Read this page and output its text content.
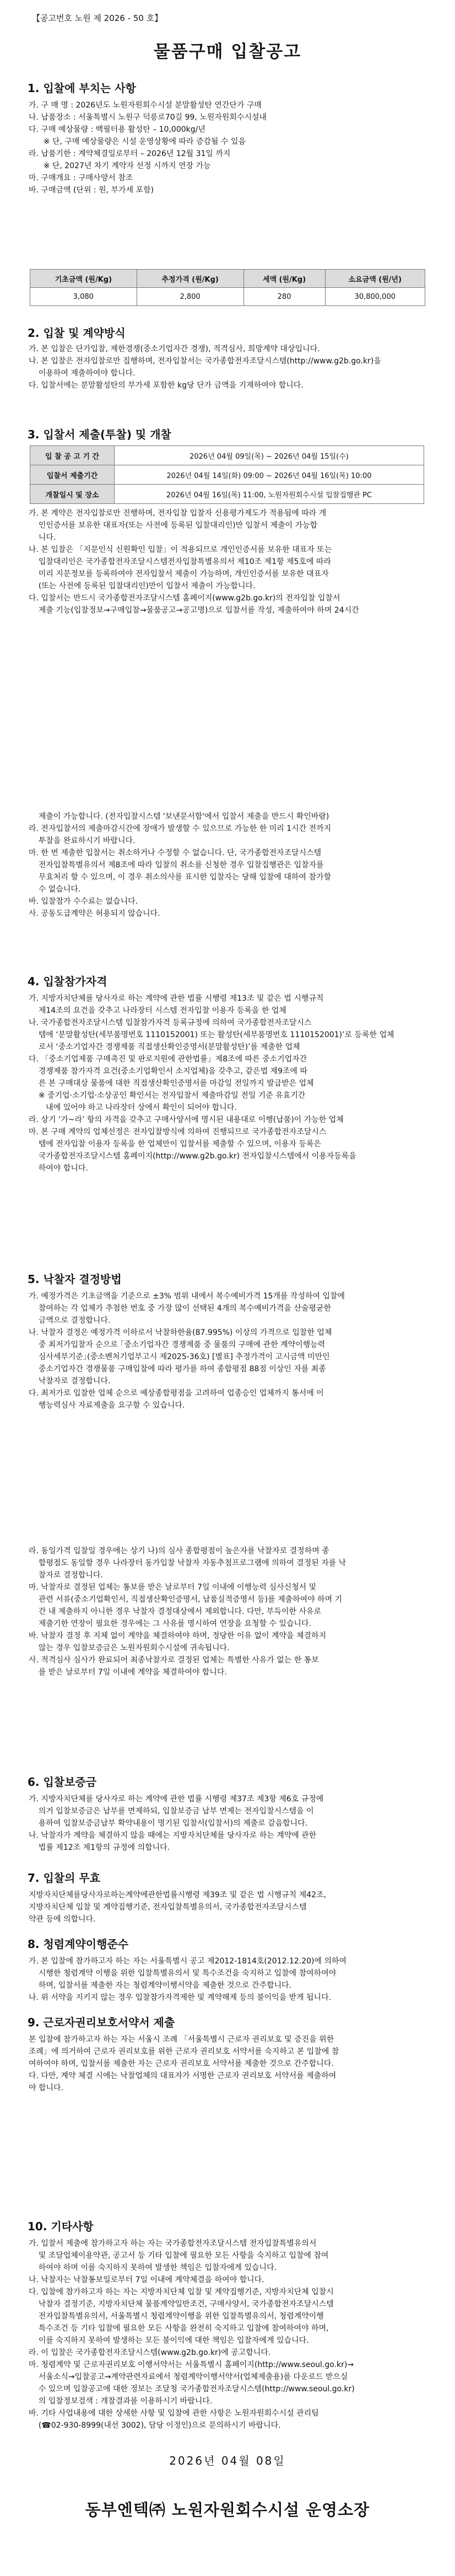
【공고번호 노원 제 2026 - 50 호】
물품구매 입찰공고
1. 입찰에 부치는 사항
가. 구 매 명 : 2026년도 노원자원회수시설 분말활성탄 연간단가 구매
나. 납품장소 : 서울특별시 노원구 덕릉로70길 99, 노원자원회수시설내
다. 구매 예상물량 : 백필터용 활성탄 – 10,000kg/년
※ 단, 구매 예상물량은 시설 운영상황에 따라 증감될 수 있음
라. 납품기한 : 계약체결일로부터 – 2026년 12월 31일 까지
※ 단, 2027년 차기 계약자 선정 시까지 연장 가능
마. 구매개요 : 구매사양서 참조
바. 구매금액 (단위 : 원, 부가세 포함)
기초금액 (원/Kg)	추정가격 (원/Kg)	세액 (원/Kg)	소요금액 (원/년)
3,080	2,800	280	30,800,000
2. 입찰 및 계약방식
가. 본 입찰은 단가입찰, 제한경쟁(중소기업자간 경쟁), 적격심사, 희망계약 대상입니다.
나. 본 입찰은 전자입찰로만 집행하며, 전자입찰서는 국가종합전자조달시스템(http://www.g2b.go.kr)을
이용하여 제출하여야 합니다.
다. 입찰서에는 분말활성탄의 부가세 포함한 kg당 단가 금액을 기재하여야 합니다.
3. 입찰서 제출(투찰) 및 개찰
입 찰 공 고 기 간	2026년 04월 09일(목) ~ 2026년 04월 15일(수)
입찰서 제출기간	2026년 04월 14일(화) 09:00 ~ 2026년 04월 16일(목) 10:00
개찰일시 및 장소	2026년 04월 16일(목) 11:00, 노원자원회수시설 입찰집행관 PC
가. 본 계약은 전자입찰로만 진행하며, 전자입찰 입찰자 신용평가제도가 적용됨에 따라 개
인인증서를 보유한 대표자(또는 사전에 등록된 입찰대리인)만 입찰서 제출이 가능합
니다.
나. 본 입찰은 「지문인식 신원확인 입찰」이 적용되므로 개인인증서를 보유한 대표자 또는
입찰대리인은 국가종합전자조달시스템전자입찰특별유의서 제10조 제1항 제5호에 따라
미리 지문정보를 등록하여야 전자입찰서 제출이 가능하며, 개인인증서를 보유한 대표자
(또는 사전에 등록된 입찰대리인)만이 입찰서 제출이 가능합니다.
다. 입찰서는 반드시 국가종합전자조달시스템 홈페이지(www.g2b.go.kr)의 전자입찰 입찰서
제출 기능(입찰정보→구매입찰→물품공고→공고명)으로 입찰서를 작성, 제출하여야 하며 24시간

제출이 가능합니다. (전자입찰시스템 '보낸문서함'에서 입찰서 제출을 반드시 확인바람)
라. 전자입찰서의 제출마감시간에 장애가 발생할 수 있으므로 가능한 한 미리 1시간 전까지
투찰을 완료하시기 바랍니다.
마. 한 번 제출한 입찰서는 취소하거나 수정할 수 없습니다. 단, 국가종합전자조달시스템
전자입찰특별유의서 제8조에 따라 입찰의 취소를 신청한 경우 입찰집행관은 입찰자를
무효처리 할 수 있으며, 이 경우 취소의사를 표시한 입찰자는 당해 입찰에 대하여 참가할
수 없습니다.
바. 입찰참가 수수료는 없습니다.
사. 공동도급계약은 허용되지 않습니다.
4. 입찰참가자격
가. 지방자치단체를 당사자로 하는 계약에 관한 법률 시행령 제13조 및 같은 법 시행규칙
제14조의 요건을 갖추고 나라장터 시스템 전자입찰 이용자 등록을 한 업체
나. 국가종합전자조달시스템 입찰참가자격 등록규정에 의하여 국가종합전자조달시스
템에 ‘분말활성탄(세부품명번호 1110152001) 또는 활성탄(세부품명번호 1110152001)’로 등록한 업체
로서 ‘중소기업자간 경쟁제품 직접생산확인증명서(분말활성탄)’를 제출한 업체
다. 「중소기업제품 구매촉진 및 판로지원에 관한법률」제8조에 따른 중소기업자간
경쟁제품 참가자격 요건(중소기업확인서 소지업체)을 갖추고, 같은법 제9조에 따
른 본 구매대상 물품에 대한 직접생산확인증명서를 마감일 전일까지 발급받은 업체
※ 중기업·소기업·소상공인 확인서는 전자입찰서 제출마감일 전일 기준 유효기간
내에 있어야 하고 나라장터 상에서 확인이 되어야 합니다.
라. 상기 ‘가~라’ 항의 자격을 갖추고 구매사양서에 명시된 내용대로 이행(납품)이 가능한 업체
마. 본 구매 계약의 업체선정은 전자입찰방식에 의하여 진행되므로 국가종합전자조달시스
템에 전자입찰 이용자 등록을 한 업체만이 입찰서를 제출할 수 있으며, 이용자 등록은
국가종합전자조달시스템 홈페이지(http://www.g2b.go.kr) 전자입찰시스템에서 이용자등록을
하여야 합니다.
5. 낙찰자 결정방법
가. 예정가격은 기초금액을 기준으로 ±3% 범위 내에서 복수예비가격 15개를 작성하여 입찰에
참여하는 각 업체가 추첨한 번호 중 가장 많이 선택된 4개의 복수예비가격을 산술평균한
금액으로 결정합니다.
나. 낙찰자 결정은 예정가격 이하로서 낙찰하한율(87.995%) 이상의 가격으로 입찰한 업체
중 최저가입찰자 순으로 ｢중소기업자간 경쟁제품 중 물품의 구매에 관한 계약이행능력
심사세부기준｣(중소벤처기업부고시 제2025-36호) [별표] 추정가격이 고시금액 미만인
중소기업자간 경쟁물품 구매입찰에 따라 평가를 하여 종합평점 88점 이상인 자를 최종
낙찰자로 결정합니다.
다. 최저가로 입찰한 업체 순으로 예상종합평점을 고려하여 업종승인 업체까지 통서에 이
행능력심사 자료제출을 요구할 수 있습니다.

라. 동일가격 입찰일 경우에는 상기 나)의 심사 종합평점이 높은자를 낙찰자로 결정하며 종
합평점도 동일할 경우 나라장터 동가입찰 낙찰자 자동추첨프로그램에 의하여 결정된 자를 낙
찰자로 결정합니다.
마. 낙찰자로 결정된 업체는 통보를 받은 날로부터 7일 이내에 이행능력 심사신청서 및
관련 서류(중소기업확인서, 직접생산확인증명서, 납품실적증명서 등)를 제출하여야 하며 기
간 내 제출하지 아니한 경우 낙찰자 결정대상에서 제외합니다. 다만, 부득이한 사유로
제출기한 연장이 필요한 경우에는 그 사유를 명시하여 연장을 요청할 수 있습니다.
바. 낙찰자 결정 후 지체 없이 계약을 체결하여야 하며, 정당한 이유 없이 계약을 체결하지
않는 경우 입찰보증금은 노원자원회수시설에 귀속됩니다.
사. 적격심사 심사가 완료되어 최종낙찰자로 결정된 업체는 특별한 사유가 없는 한 통보
를 받은 날로부터 7일 이내에 계약을 체결하여야 합니다.
6. 입찰보증금
가. 지방자치단체를 당사자로 하는 계약에 관한 법률 시행령 제37조 제3항 제6호 규정에
의거 입찰보증금은 납부를 면제하되, 입찰보증금 납부 면제는 전자입찰시스템을 이
용하여 입찰보증금납부 확약내용이 명기된 입찰서(입찰서)의 제출로 갈음합니다.
나. 낙찰자가 계약을 체결하지 않을 때에는 지방자치단체를 당사자로 하는 계약에 관한
법률 제12조 제1항의 규정에 의합니다.
7. 입찰의 무효
지방자치단체를당사자로하는계약에관한법률시행령 제39조 및 같은 법 시행규칙 제42조,
지방자치단체 입찰 및 계약집행기준, 전자입찰특별유의서, 국가종합전자조달시스템
약관 등에 의합니다.
8. 청렴계약이행준수
가. 본 입찰에 참가하고자 하는 자는 서울특별시 공고 제2012-1814호(2012.12.20)에 의하여
시행한 청렴계약 이행을 위한 입찰특별유의서 및 특수조건을 숙지하고 입찰에 참여하여야
하며, 입찰서를 제출한 자는 청렴계약이행서약을 제출한 것으로 간주합니다.
나. 위 서약을 지키지 않는 경우 입찰참가자격제한 및 계약해제 등의 불이익을 받게 됩니다.
9. 근로자권리보호서약서 제출
본 입찰에 참가하고자 하는 자는 서울시 조례 「서울특별시 근로자 권리보호 및 증진을 위한
조례」에 의거하여 근로자 권리보호를 위한 근로자 권리보호 서약서를 숙지하고 본 입찰에 참
여하여야 하며, 입찰서를 제출한 자는 근로자 권리보호 서약서를 제출한 것으로 간주합니다.
다. 다만, 계약 체결 시에는 낙찰업체의 대표자가 서명한 근로자 권리보호 서약서를 제출하여
야 합니다.
10. 기타사항
가. 입찰서 제출에 참가하고자 하는 자는 국가종합전자조달시스템 전자입찰특별유의서
및 조달업체이용약관, 공고서 등 기타 입찰에 필요한 모든 사항을 숙지하고 입찰에 참여
하여야 하며 이를 숙지하지 못하여 발생한 책임은 입찰자에게 있습니다.
나. 낙찰자는 낙찰통보일로부터 7일 이내에 계약체결을 하여야 합니다.
다. 입찰에 참가하고자 하는 자는 지방자치단체 입찰 및 계약집행기준, 지방자치단체 입찰시
낙찰자 결정기준, 지방자치단체 물품계약일반조건, 구매사양서, 국가종합전자조달시스템
전자입찰특별유의서, 서울특별시 청렴계약이행을 위한 입찰특별유의서, 청렴계약이행
특수조건 등 기타 입찰에 필요한 모든 사항을 완전히 숙지하고 입찰에 참여하여야 하며,
이를 숙지하지 못하여 발생하는 모든 불이익에 대한 책임은 입찰자에게 있습니다.
라. 이 입찰은 국가종합전자조달시스템(www.g2b.go.kr)에 공고합니다.
마. 청렴계약 및 근로자권리보호 이행서약서는 서울특별시 홈페이지(http://www.seoul.go.kr)→
서울소식→입찰공고→계약관련자료에서 청렴계약이행서약서(업체제출용)를 다운로드 받으실
수 있으며 입찰공고에 대한 정보는 조달청 국가종합전자조달시스템(http://www.seoul.go.kr)
의 입찰정보검색 : 개찰결과를 이용하시기 바랍니다.
바. 기타 사업내용에 대한 상세한 사항 및 입찰에 관한 사항은 노원자원회수시설 관리팀
(☎02-930-8999(내선 3002), 담당 이정인)으로 문의하시기 바랍니다.
2026년 04월 08일
동부엔텍㈜ 노원자원회수시설 운영소장
